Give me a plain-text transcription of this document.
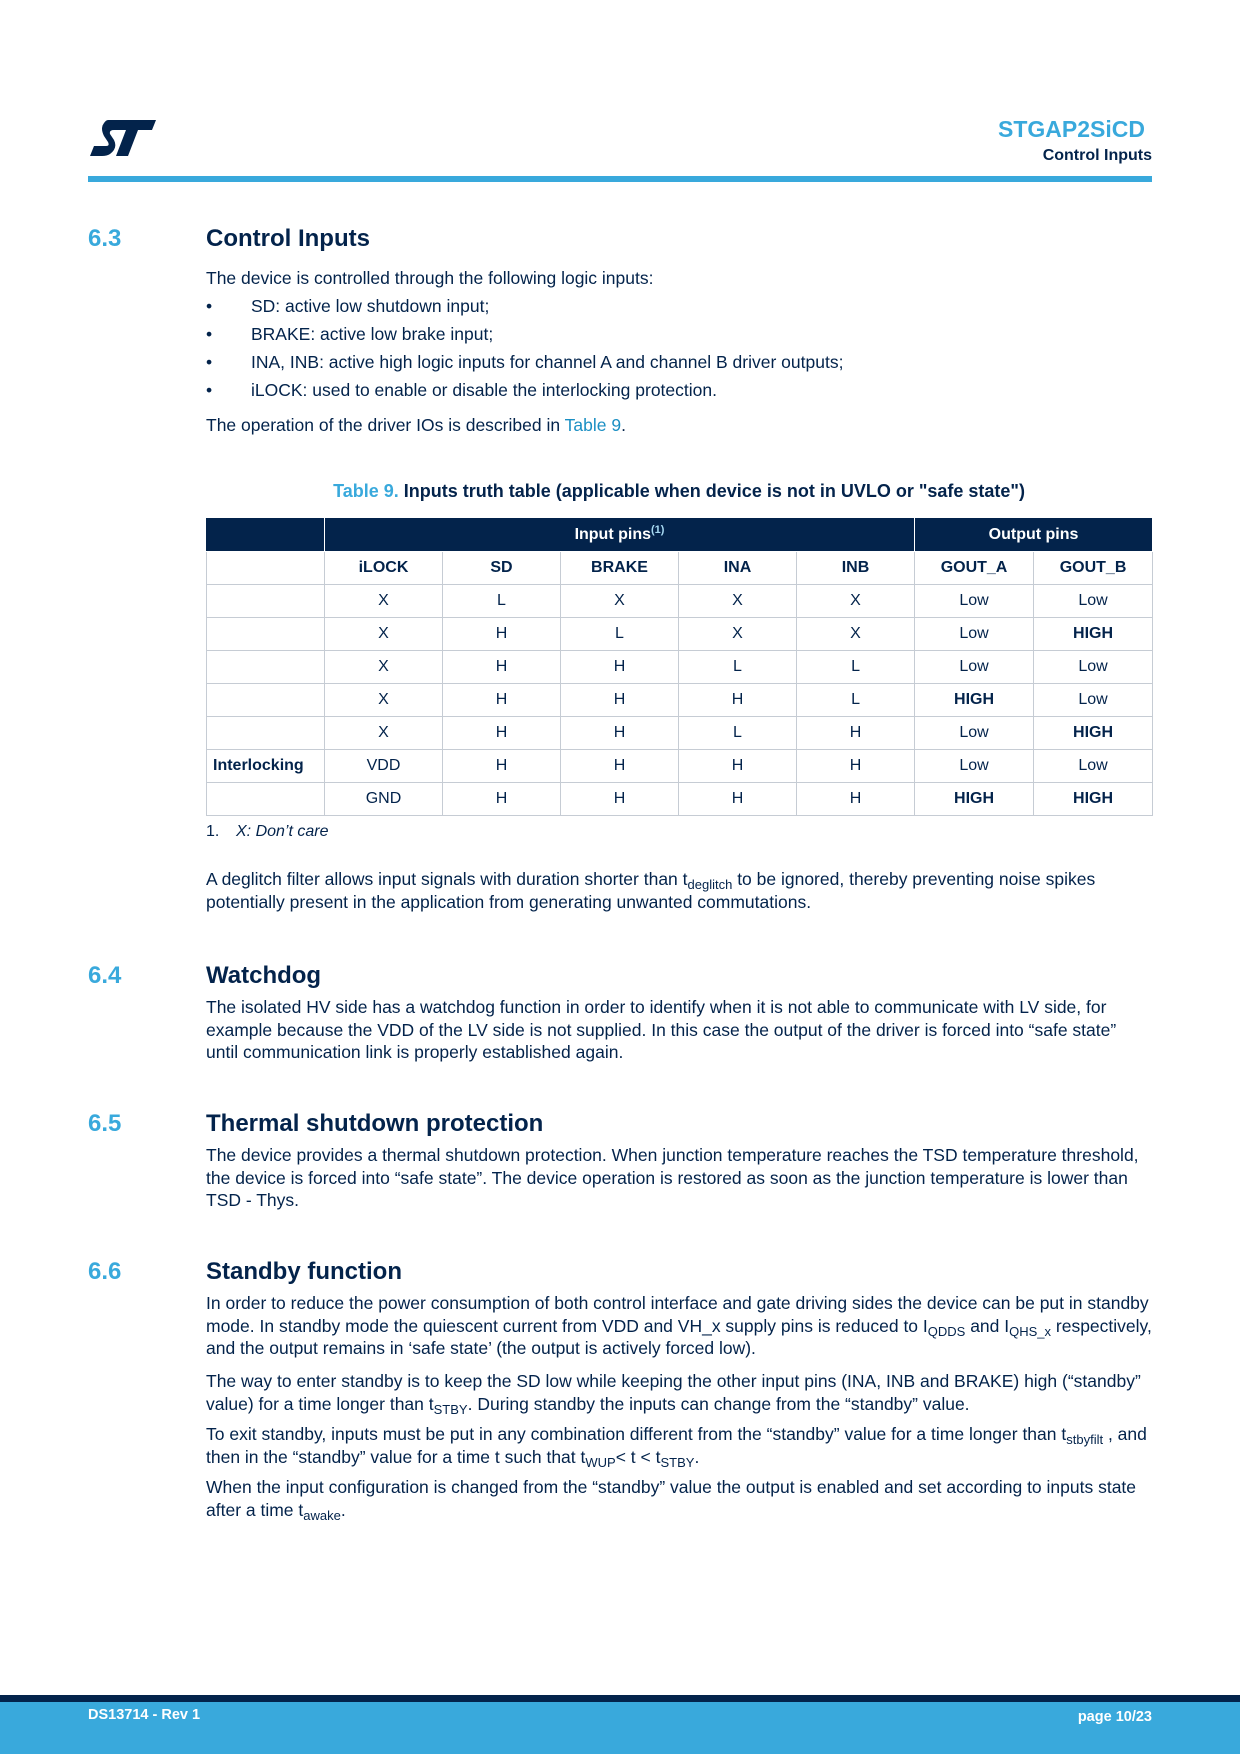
STGAP2SiCD
Control Inputs
6.3	Control Inputs
The device is controlled through the following logic inputs:
• SD: active low shutdown input;
• BRAKE: active low brake input;
• INA, INB: active high logic inputs for channel A and channel B driver outputs;
• iLOCK: used to enable or disable the interlocking protection.
The operation of the driver IOs is described in Table 9.
Table 9. Inputs truth table (applicable when device is not in UVLO or "safe state")
	Input pins$^{(1)}$					Output pins	
	iLOCK	SD	BRAKE	INA	INB	GOUT_A	GOUT_B
	X	L	X	X	X	Low	Low
	X	H	L	X	X	Low	HIGH
	X	H	H	L	L	Low	Low
	X	H	H	H	L	HIGH	Low
	X	H	H	L	H	Low	HIGH
Interlocking	VDD	H	H	H	H	Low	Low
	GND	H	H	H	H	HIGH	HIGH
1. X: Don’t care
A deglitch filter allows input signals with duration shorter than $t_{deglitch}$ to be ignored, thereby preventing noise spikes potentially present in the application from generating unwanted commutations.
6.4	Watchdog
The isolated HV side has a watchdog function in order to identify when it is not able to communicate with LV side, for example because the VDD of the LV side is not supplied. In this case the output of the driver is forced into “safe state” until communication link is properly established again.
6.5	Thermal shutdown protection
The device provides a thermal shutdown protection. When junction temperature reaches the TSD temperature threshold, the device is forced into “safe state”. The device operation is restored as soon as the junction temperature is lower than TSD - Thys.
6.6	Standby function
In order to reduce the power consumption of both control interface and gate driving sides the device can be put in standby mode. In standby mode the quiescent current from VDD and VH_x supply pins is reduced to $I_{QDDS}$ and $I_{QHS\_x}$ respectively, and the output remains in ‘safe state’ (the output is actively forced low).
The way to enter standby is to keep the SD low while keeping the other input pins (INA, INB and BRAKE) high (“standby” value) for a time longer than $t_{STBY}$. During standby the inputs can change from the “standby” value.
To exit standby, inputs must be put in any combination different from the “standby” value for a time longer than $t_{stbyfilt}$ , and then in the “standby” value for a time t such that $t_{WUP}< t < t_{STBY}$.
When the input configuration is changed from the “standby” value the output is enabled and set according to inputs state after a time $t_{awake}$.
DS13714 - Rev 1	page 10/23
